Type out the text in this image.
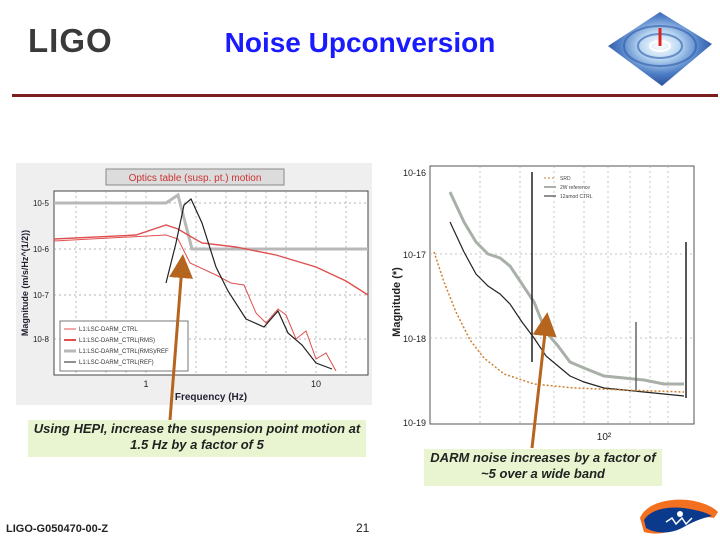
LIGO	Noise Upconversion
Optics table (susp. pt.) motion
10-5
10-6
10-7
10-8
1	10
Frequency (Hz)
Magnitude (m/s/Hz^(1/2))	L1:LSC-DARM_CTRL
L1:LSC-DARM_CTRL(RMS)
L1:LSC-DARM_CTRL(RMS)/REF
L1:LSC-DARM_CTRL(REF)
10-16
10-17
10-18
10-19
10²
Magnitude (*)
SRD
2W reference
12amod CTRL
Using HEPI, increase the suspension point motion at 1.5 Hz by a factor of 5
DARM noise increases by a factor of ~5 over a wide band
LIGO-G050470-00-Z	21
